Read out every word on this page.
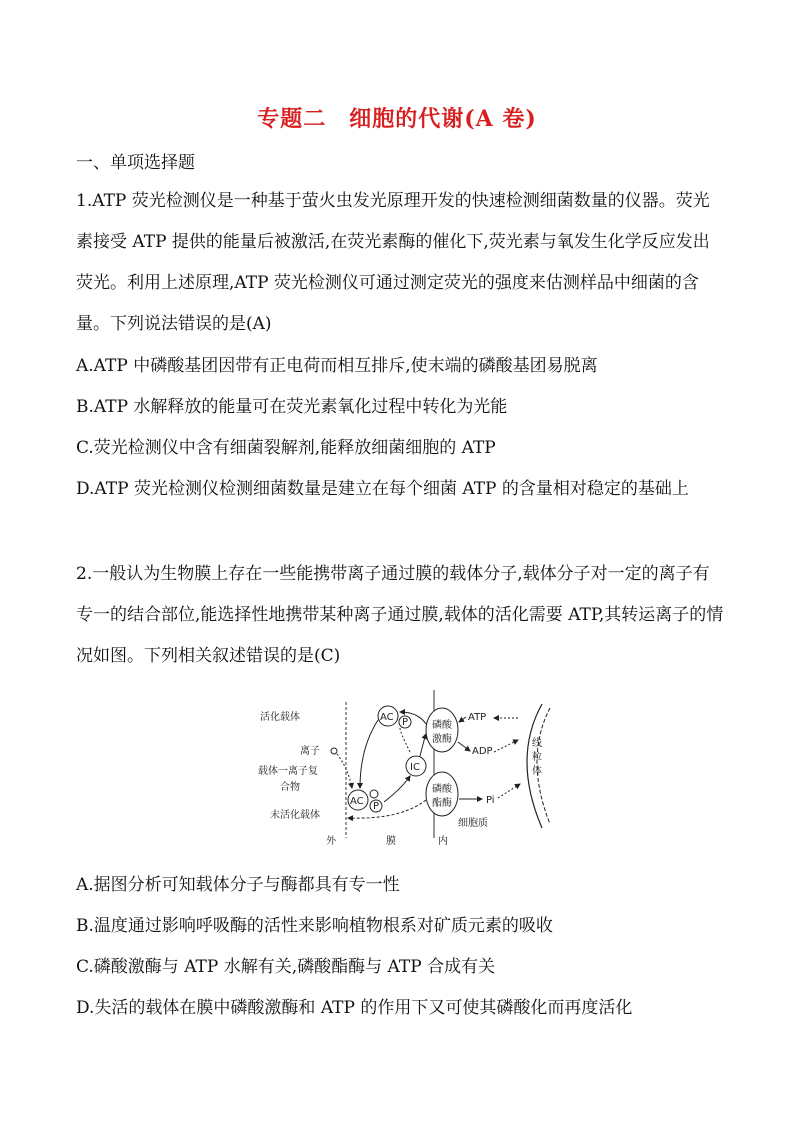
专题二　细胞的代谢(A 卷)
一、单项选择题
1.ATP 荧光检测仪是一种基于萤火虫发光原理开发的快速检测细菌数量的仪器。荧光素接受 ATP 提供的能量后被激活,在荧光素酶的催化下,荧光素与氧发生化学反应发出荧光。利用上述原理,ATP 荧光检测仪可通过测定荧光的强度来估测样品中细菌的含量。下列说法错误的是(A)
A.ATP 中磷酸基团因带有正电荷而相互排斥,使末端的磷酸基团易脱离
B.ATP 水解释放的能量可在荧光素氧化过程中转化为光能
C.荧光检测仪中含有细菌裂解剂,能释放细菌细胞的 ATP
D.ATP 荧光检测仪检测细菌数量是建立在每个细菌 ATP 的含量相对稳定的基础上
2.一般认为生物膜上存在一些能携带离子通过膜的载体分子,载体分子对一定的离子有专一的结合部位,能选择性地携带某种离子通过膜,载体的活化需要 ATP,其转运离子的情况如图。下列相关叙述错误的是(C)
活化载体
离子
载体一离子复
合物
未活化载体
AC P
AC P
IC
磷酸
激酶
磷酸
酯酶
ATP
ADP
Pi
细胞质
线
粒
体
外	膜	内
A.据图分析可知载体分子与酶都具有专一性
B.温度通过影响呼吸酶的活性来影响植物根系对矿质元素的吸收
C.磷酸激酶与 ATP 水解有关,磷酸酯酶与 ATP 合成有关
D.失活的载体在膜中磷酸激酶和 ATP 的作用下又可使其磷酸化而再度活化
